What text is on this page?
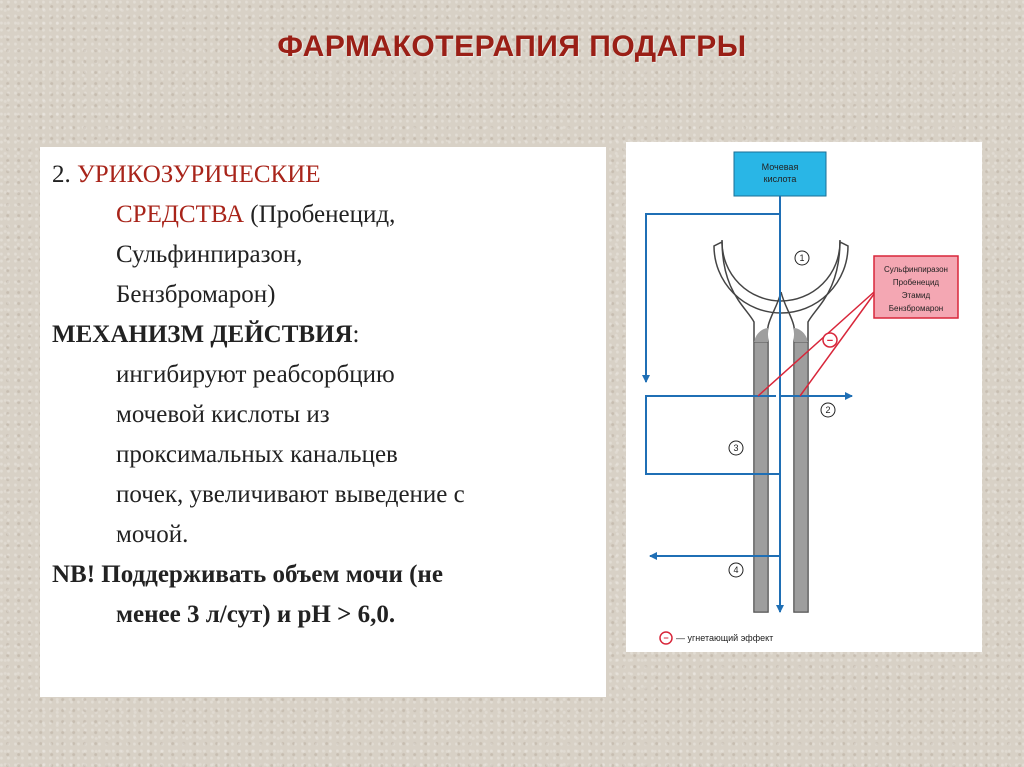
ФАРМАКОТЕРАПИЯ ПОДАГРЫ

2. УРИКОЗУРИЧЕСКИЕ

СРЕДСТВА (Пробенецид,

Сульфинпиразон,

Бензбромарон)

МЕХАНИЗМ ДЕЙСТВИЯ:

ингибируют реабсорбцию

мочевой кислоты из

проксимальных канальцев

почек, увеличивают выведение с

мочой.

NB! Поддерживать объем мочи (не

менее 3 л/сут) и pH > 6,0.

Мочевая
кислота
1
2
3
4
Сульфинпиразон
Пробенецид
Этамид
Бензбромарон
−
− — угнетающий эффект
